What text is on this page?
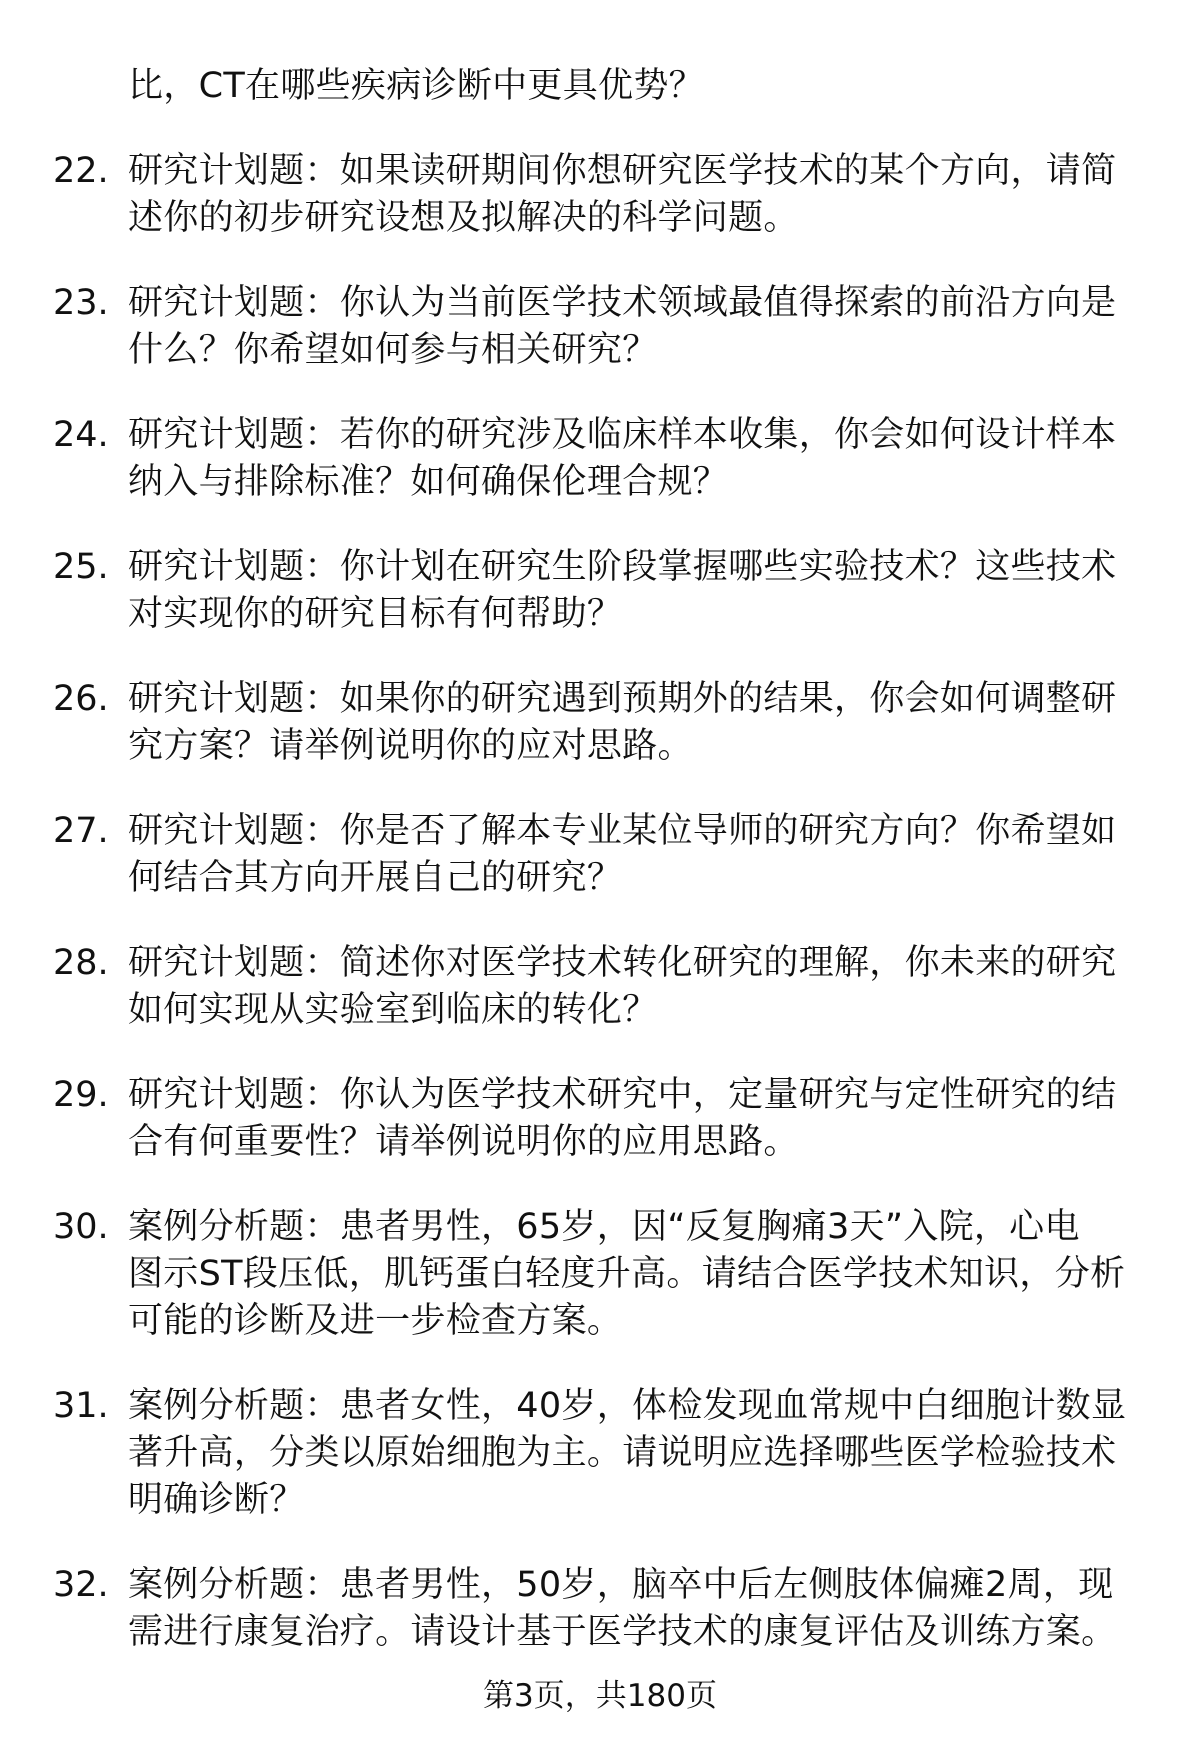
比，CT在哪些疾病诊断中更具优势？
22. 研究计划题：如果读研期间你想研究医学技术的某个方向，请简
述你的初步研究设想及拟解决的科学问题。
23. 研究计划题：你认为当前医学技术领域最值得探索的前沿方向是
什么？你希望如何参与相关研究？
24. 研究计划题：若你的研究涉及临床样本收集，你会如何设计样本
纳入与排除标准？如何确保伦理合规？
25. 研究计划题：你计划在研究生阶段掌握哪些实验技术？这些技术
对实现你的研究目标有何帮助？
26. 研究计划题：如果你的研究遇到预期外的结果，你会如何调整研
究方案？请举例说明你的应对思路。
27. 研究计划题：你是否了解本专业某位导师的研究方向？你希望如
何结合其方向开展自己的研究？
28. 研究计划题：简述你对医学技术转化研究的理解，你未来的研究
如何实现从实验室到临床的转化？
29. 研究计划题：你认为医学技术研究中，定量研究与定性研究的结
合有何重要性？请举例说明你的应用思路。
30. 案例分析题：患者男性，65岁，因“反复胸痛3天”入院，心电
图示ST段压低，肌钙蛋白轻度升高。请结合医学技术知识，分析
可能的诊断及进一步检查方案。
31. 案例分析题：患者女性，40岁，体检发现血常规中白细胞计数显
著升高，分类以原始细胞为主。请说明应选择哪些医学检验技术
明确诊断？
32. 案例分析题：患者男性，50岁，脑卒中后左侧肢体偏瘫2周，现
需进行康复治疗。请设计基于医学技术的康复评估及训练方案。
第3页，共180页
